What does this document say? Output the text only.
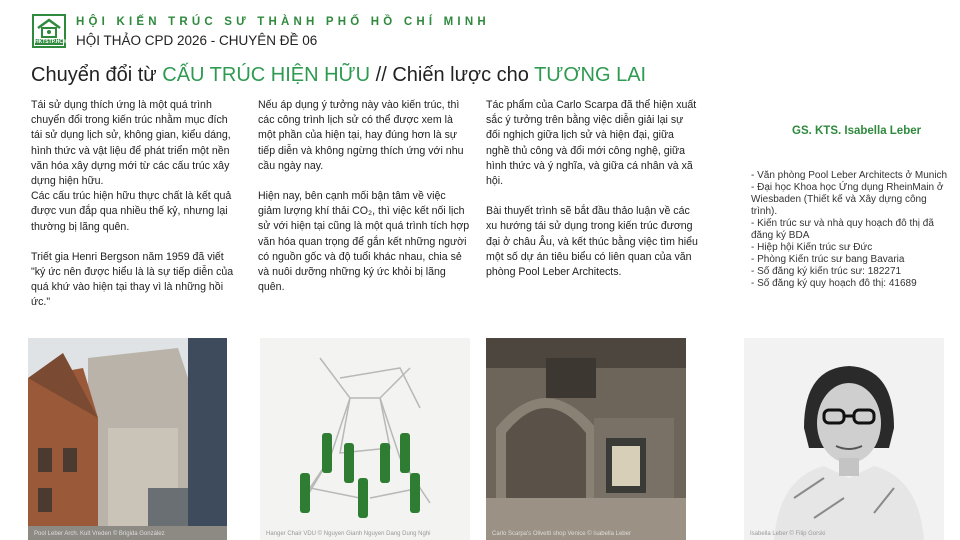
HKTSTP.HCM
HỘI KIẾN TRÚC SƯ THÀNH PHỐ HỒ CHÍ MINH
HỘI THẢO CPD 2026 - CHUYÊN ĐỀ 06
Chuyển đổi từ CẤU TRÚC HIỆN HỮU // Chiến lược cho TƯƠNG LAI

Tái sử dụng thích ứng là một quá trình chuyển đổi trong kiến trúc nhằm mục đích tái sử dụng lịch sử, không gian, kiểu dáng, hình thức và vật liệu để phát triển một nền văn hóa xây dựng mới từ các cấu trúc xây dựng hiện hữu.

Các cấu trúc hiện hữu thực chất là kết quả được vun đắp qua nhiều thế kỷ, nhưng lại thường bị lãng quên.

Triết gia Henri Bergson năm 1959 đã viết "ký ức nên được hiểu là là sự tiếp diễn của quá khứ vào hiện tại thay vì là những hồi ức."

Nếu áp dụng ý tưởng này vào kiến trúc, thì các công trình lịch sử có thể được xem là một phần của hiện tại, hay đúng hơn là sự tiếp diễn và không ngừng thích ứng với nhu cầu ngày nay.

Hiện nay, bên cạnh mối bận tâm về việc giảm lượng khí thải CO₂, thì việc kết nối lịch sử với hiện tại cũng là một quá trình tích hợp văn hóa quan trọng để gắn kết những người có nguồn gốc và độ tuổi khác nhau, chia sẻ và nuôi dưỡng những ký ức khỏi bị lãng quên.

Tác phẩm của Carlo Scarpa đã thể hiện xuất sắc ý tưởng trên bằng việc diễn giải lại sự đối nghịch giữa lịch sử và hiện đại, giữa nghề thủ công và đổi mới công nghệ, giữa hình thức và ý nghĩa, và giữa cá nhân và xã hội.

Bài thuyết trình sẽ bắt đầu thảo luận về các xu hướng tái sử dụng trong kiến trúc đương đại ở châu Âu, và kết thúc bằng việc tìm hiểu một số dự án tiêu biểu có liên quan của văn phòng Pool Leber Architects.

GS. KTS. Isabella Leber
- Văn phòng Pool Leber Architects ở Munich
- Đại học Khoa học Ứng dụng RheinMain ở Wiesbaden (Thiết kế và Xây dựng công trình).
- Kiến trúc sư và nhà quy hoạch đô thị đã đăng ký BDA
- Hiệp hội Kiến trúc sư Đức
- Phòng Kiến trúc sư bang Bavaria
- Số đăng ký kiến trúc sư: 182271
- Số đăng ký quy hoạch đô thị: 41689
Pool Leber Arch. Kult Vreden © Brigida González	Hanger Chair VDU © Nguyen Gianh Nguyen Dang Dung Nghi	Carlo Scarpa's Olivetti shop Venice © Isabella Leber	Isabella Leber © Filip Gorski
